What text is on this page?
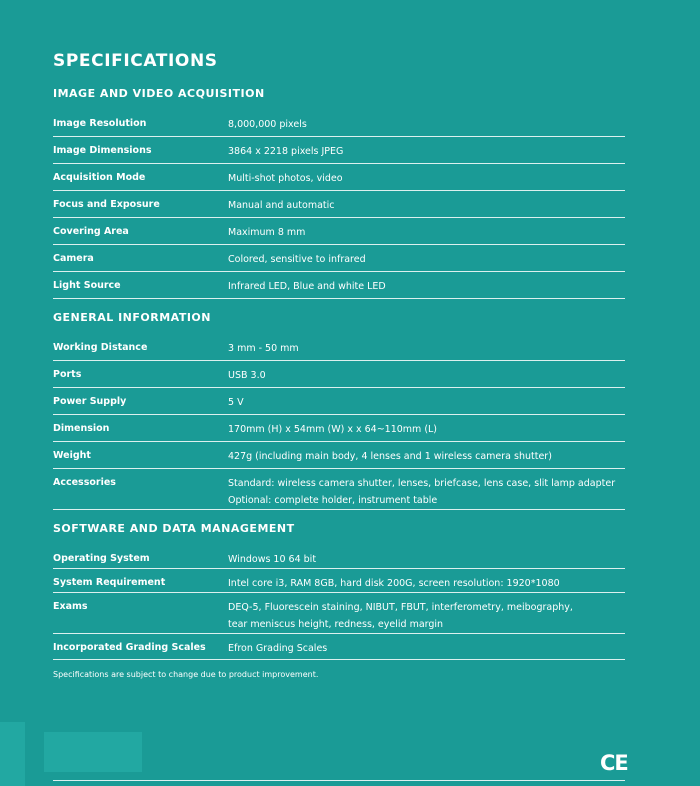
SPECIFICATIONS
IMAGE AND VIDEO ACQUISITION
Image Resolution	8,000,000 pixels
Image Dimensions	3864 x 2218 pixels JPEG
Acquisition Mode	Multi-shot photos, video
Focus and Exposure	Manual and automatic
Covering Area	Maximum 8 mm
Camera	Colored, sensitive to infrared
Light Source	Infrared LED, Blue and white LED
GENERAL INFORMATION
Working Distance	3 mm - 50 mm
Ports	USB 3.0
Power Supply	5 V
Dimension	170mm (H) x 54mm (W) x x 64~110mm (L)
Weight	427g (including main body, 4 lenses and 1 wireless camera shutter)
Accessories	Standard: wireless camera shutter, lenses, briefcase, lens case, slit lamp adapter
Optional: complete holder, instrument table
SOFTWARE AND DATA MANAGEMENT
Operating System	Windows 10 64 bit
System Requirement	Intel core i3, RAM 8GB, hard disk 200G, screen resolution: 1920*1080
Exams	DEQ-5, Fluorescein staining, NIBUT, FBUT, interferometry, meibography,
tear meniscus height, redness, eyelid margin
Incorporated Grading Scales	Efron Grading Scales
Specifications are subject to change due to product improvement.
CE
